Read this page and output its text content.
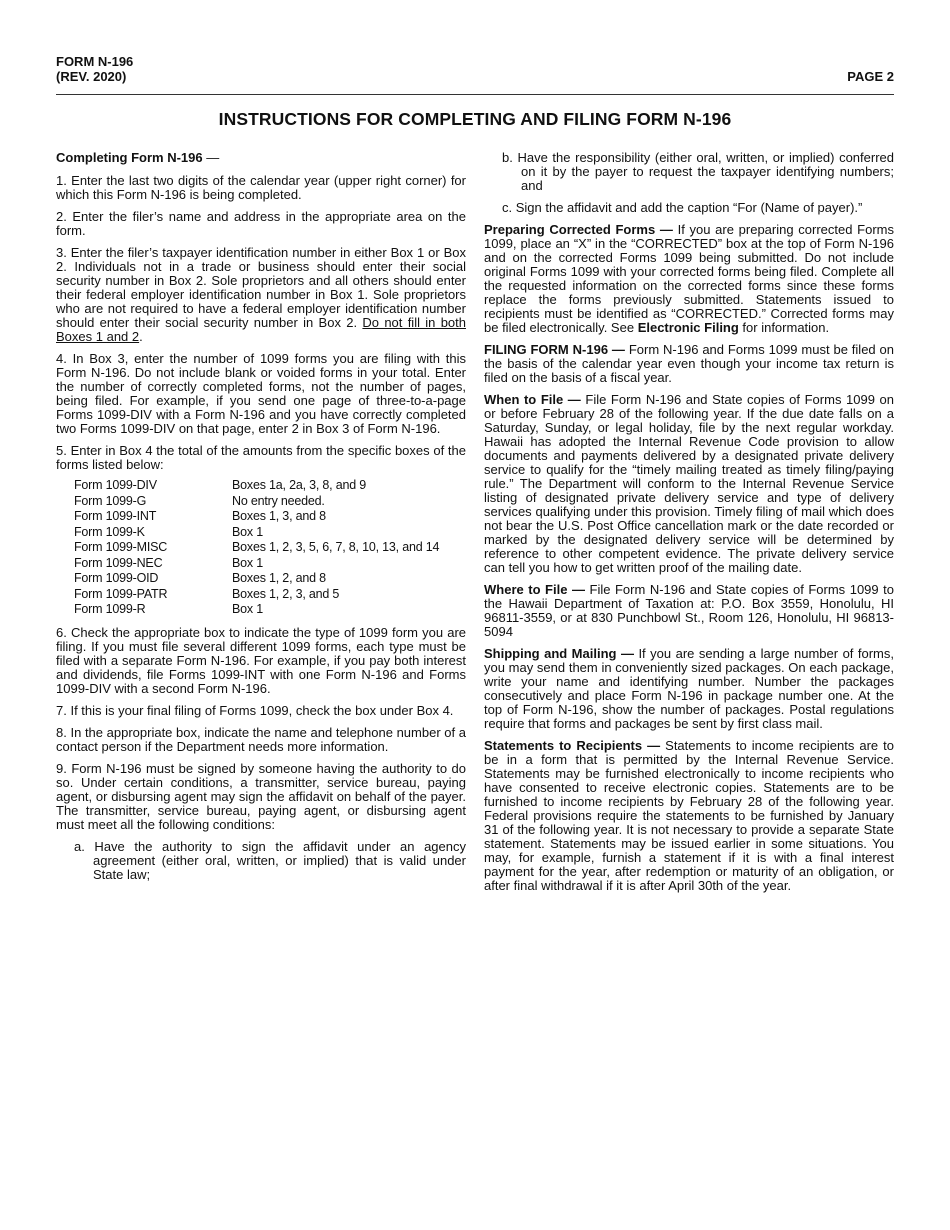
FORM N-196
(REV. 2020)	PAGE 2
INSTRUCTIONS FOR COMPLETING AND FILING FORM N-196

Completing Form N-196 —

1. Enter the last two digits of the calendar year (upper right corner) for which this Form N-196 is being completed.

2. Enter the filer’s name and address in the appropriate area on the form.

3. Enter the filer’s taxpayer identification number in either Box 1 or Box 2. Individuals not in a trade or business should enter their social security number in Box 2. Sole proprietors and all others should enter their federal employer identification number in Box 1. Sole proprietors who are not required to have a federal employer identification number should enter their social security number in Box 2. Do not fill in both Boxes 1 and 2.

4. In Box 3, enter the number of 1099 forms you are filing with this Form N-196. Do not include blank or voided forms in your total. Enter the number of correctly completed forms, not the number of pages, being filed. For example, if you send one page of three-to-a-page Forms 1099-DIV with a Form N-196 and you have correctly completed two Forms 1099-DIV on that page, enter 2 in Box 3 of Form N-196.

5. Enter in Box 4 the total of the amounts from the specific boxes of the forms listed below:

Form 1099-DIV	Boxes 1a, 2a, 3, 8, and 9
Form 1099-G	No entry needed.
Form 1099-INT	Boxes 1, 3, and 8
Form 1099-K	Box 1
Form 1099-MISC	Boxes 1, 2, 3, 5, 6, 7, 8, 10, 13, and 14
Form 1099-NEC	Box 1
Form 1099-OID	Boxes 1, 2, and 8
Form 1099-PATR	Boxes 1, 2, 3, and 5
Form 1099-R	Box 1

6. Check the appropriate box to indicate the type of 1099 form you are filing. If you must file several different 1099 forms, each type must be filed with a separate Form N-196. For example, if you pay both interest and dividends, file Forms 1099-INT with one Form N-196 and Forms 1099-DIV with a second Form N-196.

7. If this is your final filing of Forms 1099, check the box under Box 4.

8. In the appropriate box, indicate the name and telephone number of a contact person if the Department needs more information.

9. Form N-196 must be signed by someone having the authority to do so. Under certain conditions, a transmitter, service bureau, paying agent, or disbursing agent may sign the affidavit on behalf of the payer. The transmitter, service bureau, paying agent, or disbursing agent must meet all the following conditions:

a. Have the authority to sign the affidavit under an agency agreement (either oral, written, or implied) that is valid under State law;
b. Have the responsibility (either oral, written, or implied) conferred on it by the payer to request the taxpayer identifying numbers; and
c. Sign the affidavit and add the caption “For (Name of payer).”

Preparing Corrected Forms — If you are preparing corrected Forms 1099, place an “X” in the “CORRECTED” box at the top of Form N-196 and on the corrected Forms 1099 being submitted. Do not include original Forms 1099 with your corrected forms being filed. Complete all the requested information on the corrected forms since these forms replace the forms previously submitted. Statements issued to recipients must be identified as “CORRECTED.” Corrected forms may be filed electronically. See Electronic Filing for information.

FILING FORM N-196 — Form N-196 and Forms 1099 must be filed on the basis of the calendar year even though your income tax return is filed on the basis of a fiscal year.

When to File — File Form N-196 and State copies of Forms 1099 on or before February 28 of the following year. If the due date falls on a Saturday, Sunday, or legal holiday, file by the next regular workday. Hawaii has adopted the Internal Revenue Code provision to allow documents and payments delivered by a designated private delivery service to qualify for the “timely mailing treated as timely filing/paying rule.” The Department will conform to the Internal Revenue Service listing of designated private delivery service and type of delivery services qualifying under this provision. Timely filing of mail which does not bear the U.S. Post Office cancellation mark or the date recorded or marked by the designated delivery service will be determined by reference to other competent evidence. The private delivery service can tell you how to get written proof of the mailing date.

Where to File — File Form N-196 and State copies of Forms 1099 to the Hawaii Department of Taxation at: P.O. Box 3559, Honolulu, HI 96811-3559, or at 830 Punchbowl St., Room 126, Honolulu, HI 96813-5094

Shipping and Mailing — If you are sending a large number of forms, you may send them in conveniently sized packages. On each package, write your name and identifying number. Number the packages consecutively and place Form N-196 in package number one. At the top of Form N-196, show the number of packages. Postal regulations require that forms and packages be sent by first class mail.

Statements to Recipients — Statements to income recipients are to be in a form that is permitted by the Internal Revenue Service. Statements may be furnished electronically to income recipients who have consented to receive electronic copies. Statements are to be furnished to income recipients by February 28 of the following year. Federal provisions require the statements to be furnished by January 31 of the following year. It is not necessary to provide a separate State statement. Statements may be issued earlier in some situations. You may, for example, furnish a statement if it is with a final interest payment for the year, after redemption or maturity of an obligation, or after final withdrawal if it is after April 30th of the year.
